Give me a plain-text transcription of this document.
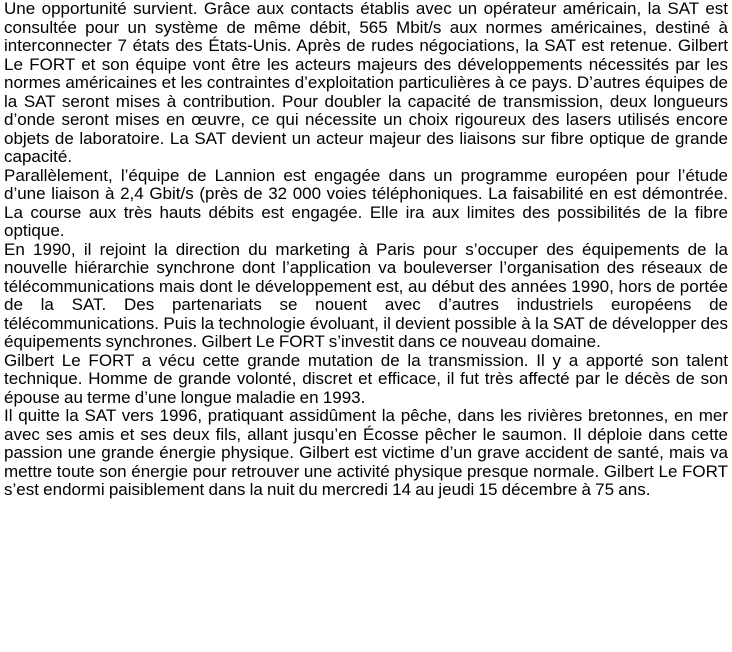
Une opportunité survient. Grâce aux contacts établis avec un opérateur américain, la SAT est consultée pour un système de même débit, 565 Mbit/s aux normes américaines, destiné à interconnecter 7 états des États-Unis. Après de rudes négociations, la SAT est retenue. Gilbert Le FORT et son équipe vont être les acteurs majeurs des développements nécessités par les normes américaines et les contraintes d’exploitation particulières à ce pays. D’autres équipes de la SAT seront mises à contribution. Pour doubler la capacité de transmission, deux longueurs d’onde seront mises en œuvre, ce qui nécessite un choix rigoureux des lasers utilisés encore objets de laboratoire. La SAT devient un acteur majeur des liaisons sur fibre optique de grande capacité.

Parallèlement, l’équipe de Lannion est engagée dans un programme européen pour l’étude d’une liaison à 2,4 Gbit/s (près de 32 000 voies téléphoniques. La faisabilité en est démontrée. La course aux très hauts débits est engagée. Elle ira aux limites des possibilités de la fibre optique.

En 1990, il rejoint la direction du marketing à Paris pour s’occuper des équipements de la nouvelle hiérarchie synchrone dont l’application va bouleverser l’organisation des réseaux de télécommunications mais dont le développement est, au début des années 1990, hors de portée de la SAT. Des partenariats se nouent avec d’autres industriels européens de télécommunications. Puis la technologie évoluant, il devient possible à la SAT de développer des équipements synchrones. Gilbert Le FORT s’investit dans ce nouveau domaine.

Gilbert Le FORT a vécu cette grande mutation de la transmission. Il y a apporté son talent technique. Homme de grande volonté, discret et efficace, il fut très affecté par le décès de son épouse au terme d’une longue maladie en 1993.

Il quitte la SAT vers 1996, pratiquant assidûment la pêche, dans les rivières bretonnes, en mer avec ses amis et ses deux fils, allant jusqu’en Écosse pêcher le saumon. Il déploie dans cette passion une grande énergie physique. Gilbert est victime d’un grave accident de santé, mais va mettre toute son énergie pour retrouver une activité physique presque normale. Gilbert Le FORT s’est endormi paisiblement dans la nuit du mercredi 14 au jeudi 15 décembre à 75 ans.
